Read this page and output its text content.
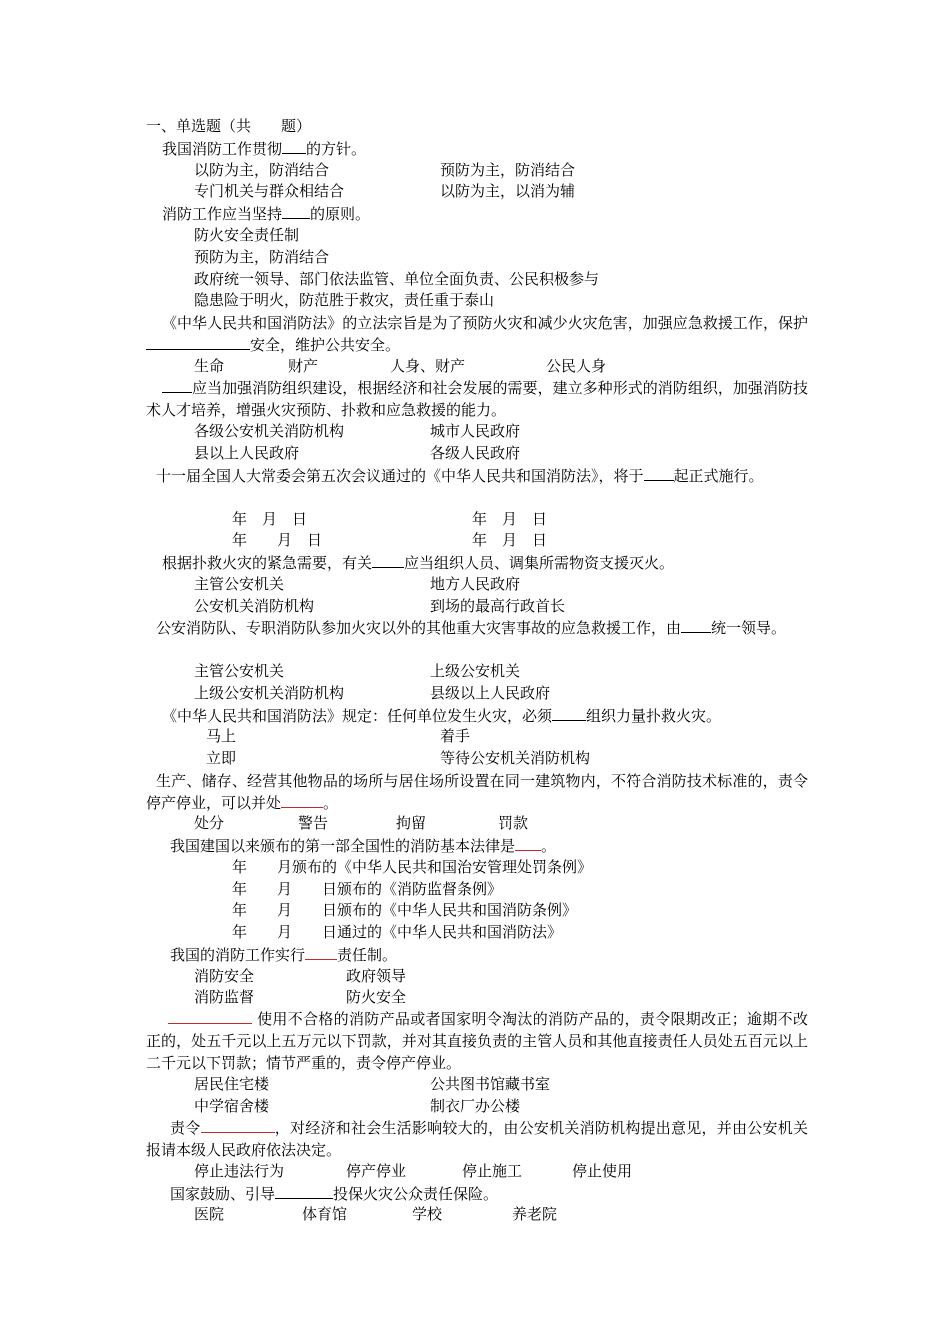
一、单选题（共　　题）
我国消防工作贯彻 的方针。
以防为主，防消结合	预防为主，防消结合
专门机关与群众相结合	以防为主，以消为辅
消防工作应当坚持 的原则。
防火安全责任制
预防为主，防消结合
政府统一领导、部门依法监管、单位全面负责、公民积极参与
隐患险于明火，防范胜于救灾，责任重于泰山
《中华人民共和国消防法》的立法宗旨是为了预防火灾和减少火灾危害，加强应急救援工作，保护安全，维护公共安全。
生命	财产	人身、财产	公民人身
应当加强消防组织建设，根据经济和社会发展的需要，建立多种形式的消防组织，加强消防技术人才培养，增强火灾预防、扑救和应急救援的能力。
各级公安机关消防机构	城市人民政府
县以上人民政府	各级人民政府
十一届全国人大常委会第五次会议通过的《中华人民共和国消防法》，将于 起正式施行。
年　月　日	年　月　日
年　　月　日	年　月　日
根据扑救火灾的紧急需要，有关 应当组织人员、调集所需物资支援灭火。
主管公安机关	地方人民政府
公安机关消防机构	到场的最高行政首长
公安消防队、专职消防队参加火灾以外的其他重大灾害事故的应急救援工作，由 统一领导。
主管公安机关	上级公安机关
上级公安机关消防机构	县级以上人民政府
《中华人民共和国消防法》规定：任何单位发生火灾，必须 组织力量扑救火灾。
马上	着手
立即	等待公安机关消防机构
生产、储存、经营其他物品的场所与居住场所设置在同一建筑物内，不符合消防技术标准的，责令停产停业，可以并处	。
处分	警告	拘留	罚款
我国建国以来颁布的第一部全国性的消防基本法律是 。
年　　月颁布的《中华人民共和国治安管理处罚条例》
年　　月　　日颁布的《消防监督条例》
年　　月　　日颁布的《中华人民共和国消防条例》
年　　月　　日通过的《中华人民共和国消防法》
我国的消防工作实行 责任制。
消防安全	政府领导
消防监督	防火安全
使用不合格的消防产品或者国家明令淘汰的消防产品的，责令限期改正；逾期不改正的，处五千元以上五万元以下罚款，并对其直接负责的主管人员和其他直接责任人员处五百元以上二千元以下罚款；情节严重的，责令停产停业。
居民住宅楼	公共图书馆藏书室
中学宿舍楼	制衣厂办公楼
责令	，对经济和社会生活影响较大的，由公安机关消防机构提出意见，并由公安机关报请本级人民政府依法决定。
停止违法行为	停产停业	停止施工	停止使用
国家鼓励、引导	投保火灾公众责任保险。
医院	体育馆	学校	养老院
